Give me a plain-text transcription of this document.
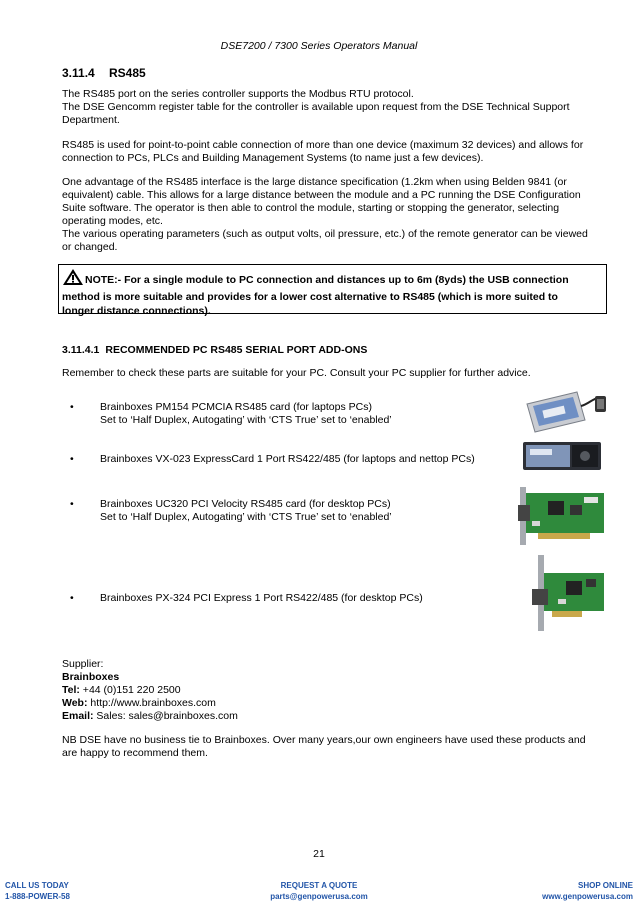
DSE7200 / 7300 Series Operators Manual
3.11.4 RS485
The RS485 port on the series controller supports the Modbus RTU protocol.
The DSE Gencomm register table for the controller is available upon request from the DSE Technical Support
Department.
RS485 is used for point-to-point cable connection of more than one device (maximum 32 devices) and allows for
connection to PCs, PLCs and Building Management Systems (to name just a few devices).
One advantage of the RS485 interface is the large distance specification (1.2km when using Belden 9841 (or
equivalent) cable. This allows for a large distance between the module and a PC running the DSE Configuration
Suite software. The operator is then able to control the module, starting or stopping the generator, selecting
operating modes, etc.
The various operating parameters (such as output volts, oil pressure, etc.) of the remote generator can be viewed
or changed.
NOTE:- For a single module to PC connection and distances up to 6m (8yds) the USB connection
method is more suitable and provides for a lower cost alternative to RS485 (which is more suited to
longer distance connections).
3.11.4.1 RECOMMENDED PC RS485 SERIAL PORT ADD-ONS
Remember to check these parts are suitable for your PC. Consult your PC supplier for further advice.
•	Brainboxes PM154 PCMCIA RS485 card (for laptops PCs)
Set to ‘Half Duplex, Autogating’ with ‘CTS True’ set to ‘enabled’
•	Brainboxes VX-023 ExpressCard 1 Port RS422/485 (for laptops and nettop PCs)
•	Brainboxes UC320 PCI Velocity RS485 card (for desktop PCs)
Set to ‘Half Duplex, Autogating’ with ‘CTS True’ set to ‘enabled’
•	Brainboxes PX-324 PCI Express 1 Port RS422/485 (for desktop PCs)
Supplier:
Brainboxes
Tel: +44 (0)151 220 2500
Web: http://www.brainboxes.com
Email: Sales: sales@brainboxes.com
NB DSE have no business tie to Brainboxes. Over many years,our own engineers have used these products and
are happy to recommend them.
21
CALL US TODAY
1-888-POWER-58
REQUEST A QUOTE
parts@genpowerusa.com
SHOP ONLINE
www.genpowerusa.com
